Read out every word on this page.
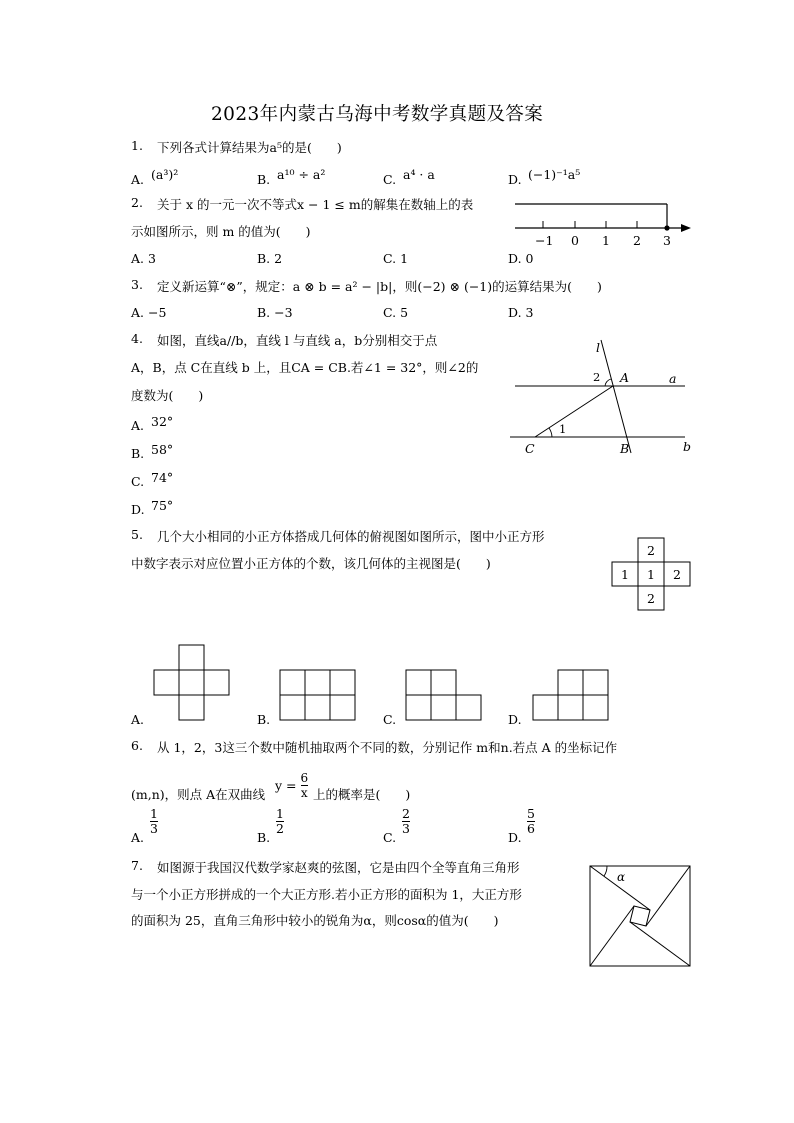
2023年内蒙古乌海中考数学真题及答案
1. 下列各式计算结果为a⁵的是(　　)
A. (a³)²	B. a¹⁰ ÷ a²	C. a⁴ · a	D. (−1)⁻¹a⁵
2. 关于 x 的一元一次不等式x − 1 ≤ m的解集在数轴上的表
示如图所示，则 m 的值为(　　)
A. 3	B. 2	C. 1	D. 0
−1 0 1 2 3
3. 定义新运算“⊗”，规定：a ⊗ b = a² − |b|，则(−2) ⊗ (−1)的运算结果为(　　)
A. −5	B. −3	C. 5	D. 3
4. 如图，直线a//b，直线 l 与直线 a，b分别相交于点
A，B，点 C在直线 b 上，且CA = CB.若∠1 = 32°，则∠2的
度数为(　　)
A. 32°
B. 58°
C. 74°
D. 75°
l
a
b
A
B
C
1
2
5. 几个大小相同的小正方体搭成几何体的俯视图如图所示，图中小正方形
中数字表示对应位置小正方体的个数，该几何体的主视图是(　　)
2
1 1 2
2
A.	B.	C.	D.
6. 从 1，2，3这三个数中随机抽取两个不同的数，分别记作 m和n.若点 A 的坐标记作
(m,n)，则点 A在双曲线
$y = \frac{6}{x}$ 上的概率是(　　)
A.
$\frac{1}{3}$
B.
$\frac{1}{2}$
C.
$\frac{2}{3}$
D.
$\frac{5}{6}$
7. 如图源于我国汉代数学家赵爽的弦图，它是由四个全等直角三角形
与一个小正方形拼成的一个大正方形.若小正方形的面积为 1，大正方形
的面积为 25，直角三角形中较小的锐角为α，则cosα的值为(　　)
α
